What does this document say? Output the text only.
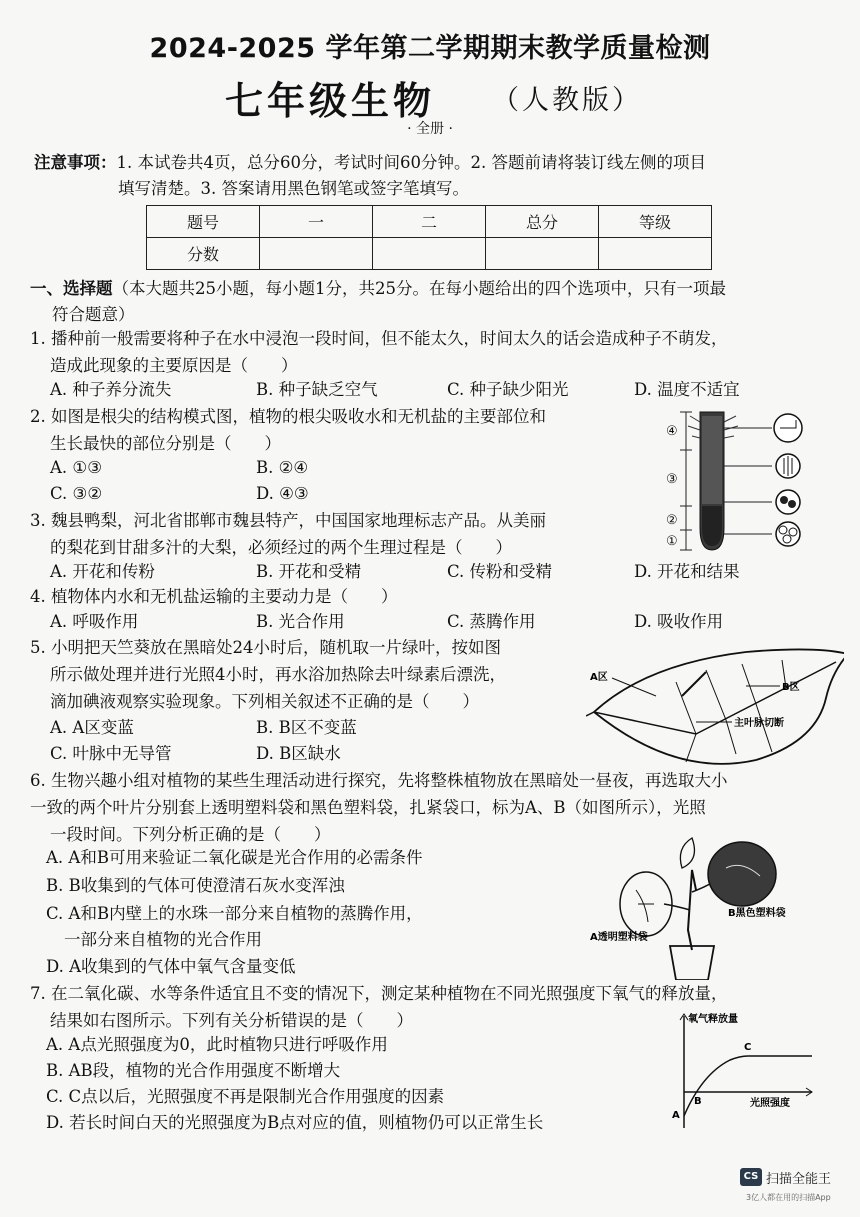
2024-2025 学年第二学期期末教学质量检测
七年级生物 （人教版）
· 全册 ·
注意事项：1. 本试卷共4页，总分60分，考试时间60分钟。2. 答题前请将装订线左侧的项目
填写清楚。3. 答案请用黑色钢笔或签字笔填写。
题号	一	二	总分	等级
分数				
一、选择题（本大题共25小题，每小题1分，共25分。在每小题给出的四个选项中，只有一项最
符合题意）
1. 播种前一般需要将种子在水中浸泡一段时间，但不能太久，时间太久的话会造成种子不萌发，
造成此现象的主要原因是（　　）
A. 种子养分流失	B. 种子缺乏空气	C. 种子缺少阳光	D. 温度不适宜
2. 如图是根尖的结构模式图，植物的根尖吸收水和无机盐的主要部位和
生长最快的部位分别是（　　）
A. ①③	B. ②④
C. ③②	D. ④③
④
③
②
①
3. 魏县鸭梨，河北省邯郸市魏县特产，中国国家地理标志产品。从美丽
的梨花到甘甜多汁的大梨，必须经过的两个生理过程是（　　）
A. 开花和传粉	B. 开花和受精	C. 传粉和受精	D. 开花和结果
4. 植物体内水和无机盐运输的主要动力是（　　）
A. 呼吸作用	B. 光合作用	C. 蒸腾作用	D. 吸收作用
5. 小明把天竺葵放在黑暗处24小时后，随机取一片绿叶，按如图
所示做处理并进行光照4小时，再水浴加热除去叶绿素后漂洗，
滴加碘液观察实验现象。下列相关叙述不正确的是（　　）
A. A区变蓝	B. B区不变蓝
C. 叶脉中无导管	D. B区缺水
A区
B区
主叶脉切断
6. 生物兴趣小组对植物的某些生理活动进行探究，先将整株植物放在黑暗处一昼夜，再选取大小
一致的两个叶片分别套上透明塑料袋和黑色塑料袋，扎紧袋口，标为A、B（如图所示），光照
一段时间。下列分析正确的是（　　）
A. A和B可用来验证二氧化碳是光合作用的必需条件
B. B收集到的气体可使澄清石灰水变浑浊
C. A和B内壁上的水珠一部分来自植物的蒸腾作用，
一部分来自植物的光合作用
D. A收集到的气体中氧气含量变低
B黑色塑料袋
A透明塑料袋
7. 在二氧化碳、水等条件适宜且不变的情况下，测定某种植物在不同光照强度下氧气的释放量，
结果如右图所示。下列有关分析错误的是（　　）
A. A点光照强度为0，此时植物只进行呼吸作用
B. AB段，植物的光合作用强度不断增大
C. C点以后，光照强度不再是限制光合作用强度的因素
D. 若长时间白天的光照强度为B点对应的值，则植物仍可以正常生长
氧气释放量
光照强度
A
B
C
CS 扫描全能王
3亿人都在用的扫描App
